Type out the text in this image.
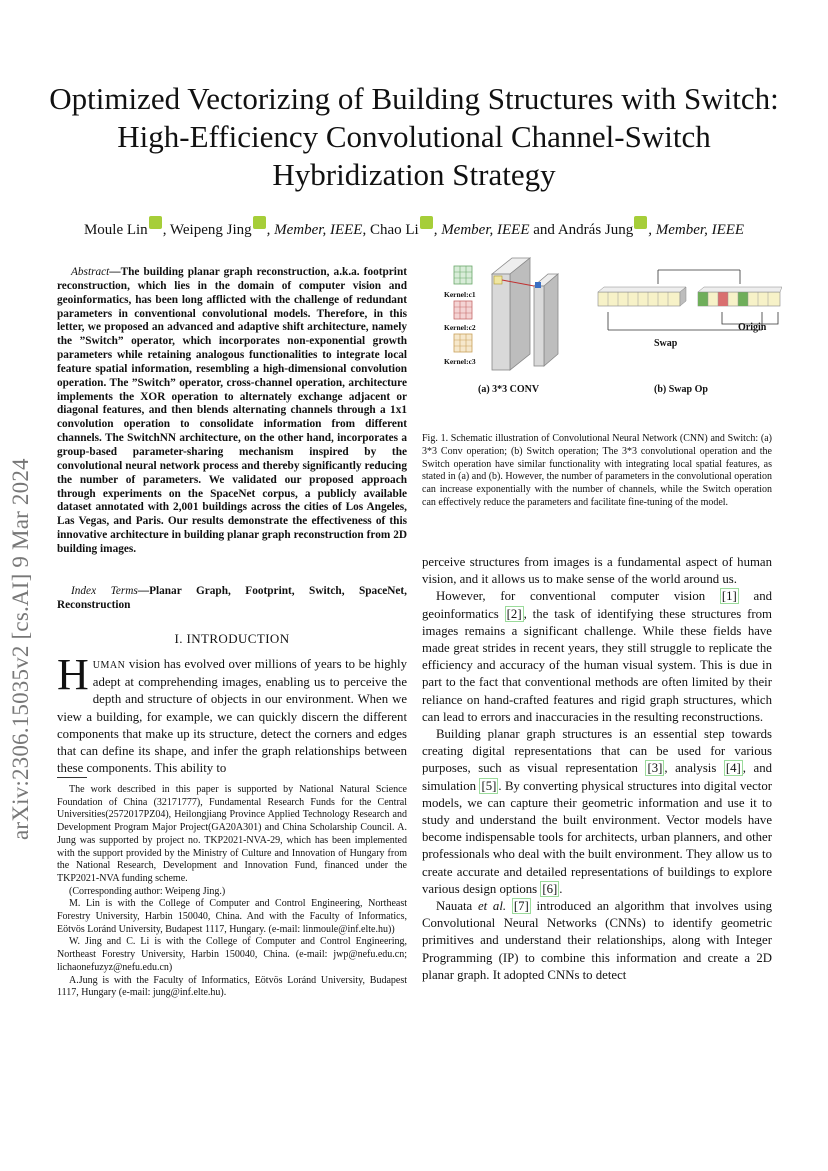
arXiv:2306.15035v2 [cs.AI] 9 Mar 2024
Optimized Vectorizing of Building Structures with Switch: High-Efficiency Convolutional Channel-Switch Hybridization Strategy
Moule Lin , Weipeng Jing , Member, IEEE, Chao Li , Member, IEEE and András Jung , Member, IEEE
Abstract—The building planar graph reconstruction, a.k.a. footprint reconstruction, which lies in the domain of computer vision and geoinformatics, has been long afflicted with the challenge of redundant parameters in conventional convolutional models. Therefore, in this letter, we proposed an advanced and adaptive shift architecture, namely the ”Switch” operator, which incorporates non-exponential growth parameters while retaining analogous functionalities to integrate local feature spatial information, resembling a high-dimensional convolution operation. The ”Switch” operator, cross-channel operation, architecture implements the XOR operation to alternately exchange adjacent or diagonal features, and then blends alternating channels through a 1x1 convolution operation to consolidate information from different channels. The SwitchNN architecture, on the other hand, incorporates a group-based parameter-sharing mechanism inspired by the convolutional neural network process and thereby significantly reducing the number of parameters. We validated our proposed approach through experiments on the SpaceNet corpus, a publicly available dataset annotated with 2,001 buildings across the cities of Los Angeles, Las Vegas, and Paris. Our results demonstrate the effectiveness of this innovative architecture in building planar graph reconstruction from 2D building images.
Index Terms—Planar Graph, Footprint, Switch, SpaceNet, Reconstruction
I. INTRODUCTION
HUMAN vision has evolved over millions of years to be highly adept at comprehending images, enabling us to perceive the depth and structure of objects in our environment. When we view a building, for example, we can quickly discern the different components that make up its structure, detect the corners and edges that can define its shape, and infer the graph relationships between these components. This ability to

The work described in this paper is supported by National Natural Science Foundation of China (32171777), Fundamental Research Funds for the Central Universities(2572017PZ04), Heilongjiang Province Applied Technology Research and Development Program Major Project(GA20A301) and China Scholarship Council. A. Jung was supported by project no. TKP2021-NVA-29, which has been implemented with the support provided by the Ministry of Culture and Innovation of Hungary from the National Research, Development and Innovation Fund, financed under the TKP2021-NVA funding scheme.

(Corresponding author: Weipeng Jing.)

M. Lin is with the College of Computer and Control Engineering, Northeast Forestry University, Harbin 150040, China. And with the Faculty of Informatics, Eötvös Loránd University, Budapest 1117, Hungary. (e-mail: linmoule@inf.elte.hu))

W. Jing and C. Li is with the College of Computer and Control Engineering, Northeast Forestry University, Harbin 150040, China. (e-mail: jwp@nefu.edu.cn; lichaonefuzyz@nefu.edu.cn)

A.Jung is with the Faculty of Informatics, Eötvös Loránd University, Budapest 1117, Hungary (e-mail: jung@inf.elte.hu).

Kernel:c1
Kernel:c2
Kernel:c3
(a) 3*3 CONV
Swap
Origin
(b) Swap Op
Fig. 1. Schematic illustration of Convolutional Neural Network (CNN) and Switch: (a) 3*3 Conv operation; (b) Switch operation; The 3*3 convolutional operation and the Switch operation have similar functionality with integrating local spatial features, as stated in (a) and (b). However, the number of parameters in the convolutional operation can increase exponentially with the number of channels, while the Switch operation can effectively reduce the parameters and facilitate fine-tuning of the model.

perceive structures from images is a fundamental aspect of human vision, and it allows us to make sense of the world around us.

However, for conventional computer vision [1] and geoinformatics [2] , the task of identifying these structures from images remains a significant challenge. While these fields have made great strides in recent years, they still struggle to replicate the efficiency and accuracy of the human visual system. This is due in part to the fact that conventional methods are often limited by their reliance on hand-crafted features and rigid graph structures, which can lead to errors and inaccuracies in the resulting reconstructions.

Building planar graph structures is an essential step towards creating digital representations that can be used for various purposes, such as visual representation [3] , analysis [4] , and simulation [5] . By converting physical structures into digital vector models, we can capture their geometric information and use it to study and understand the built environment. Vector models have become indispensable tools for architects, urban planners, and other professionals who deal with the built environment. They allow us to create accurate and detailed representations of buildings to explore various design options [6] .

Nauata et al. [7] introduced an algorithm that involves using Convolutional Neural Networks (CNNs) to identify geometric primitives and understand their relationships, along with Integer Programming (IP) to combine this information and create a 2D planar graph. It adopted CNNs to detect
